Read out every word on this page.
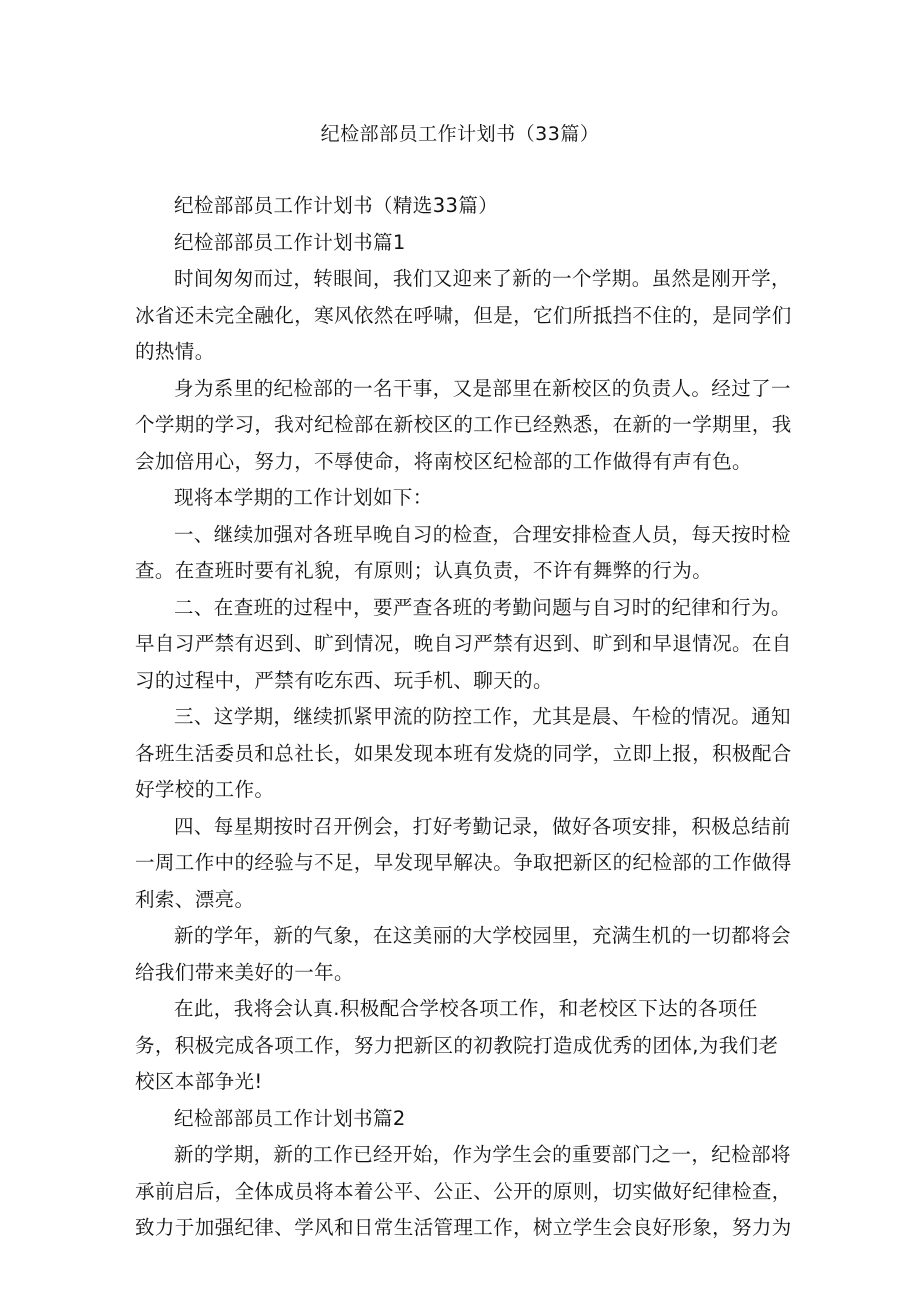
纪检部部员工作计划书（33篇）

纪检部部员工作计划书（精选33篇）

纪检部部员工作计划书篇1

时间匆匆而过，转眼间，我们又迎来了新的一个学期。虽然是刚开学，冰省还未完全融化，寒风依然在呼啸，但是，它们所抵挡不住的，是同学们的热情。

身为系里的纪检部的一名干事，又是部里在新校区的负责人。经过了一个学期的学习，我对纪检部在新校区的工作已经熟悉，在新的一学期里，我会加倍用心，努力，不辱使命，将南校区纪检部的工作做得有声有色。

现将本学期的工作计划如下：

一、继续加强对各班早晚自习的检查，合理安排检查人员，每天按时检查。在查班时要有礼貌，有原则；认真负责，不许有舞弊的行为。

二、在查班的过程中，要严查各班的考勤问题与自习时的纪律和行为。早自习严禁有迟到、旷到情况，晚自习严禁有迟到、旷到和早退情况。在自习的过程中，严禁有吃东西、玩手机、聊天的。

三、这学期，继续抓紧甲流的防控工作，尤其是晨、午检的情况。通知各班生活委员和总社长，如果发现本班有发烧的同学，立即上报，积极配合好学校的工作。

四、每星期按时召开例会，打好考勤记录，做好各项安排，积极总结前一周工作中的经验与不足，早发现早解决。争取把新区的纪检部的工作做得利索、漂亮。

新的学年，新的气象，在这美丽的大学校园里，充满生机的一切都将会给我们带来美好的一年。

在此，我将会认真.积极配合学校各项工作，和老校区下达的各项任务，积极完成各项工作，努力把新区的初教院打造成优秀的团体,为我们老校区本部争光!

纪检部部员工作计划书篇2

新的学期，新的工作已经开始，作为学生会的重要部门之一，纪检部将承前启后，全体成员将本着公平、公正、公开的原则，切实做好纪律检查，致力于加强纪律、学风和日常生活管理工作，树立学生会良好形象，努力为
